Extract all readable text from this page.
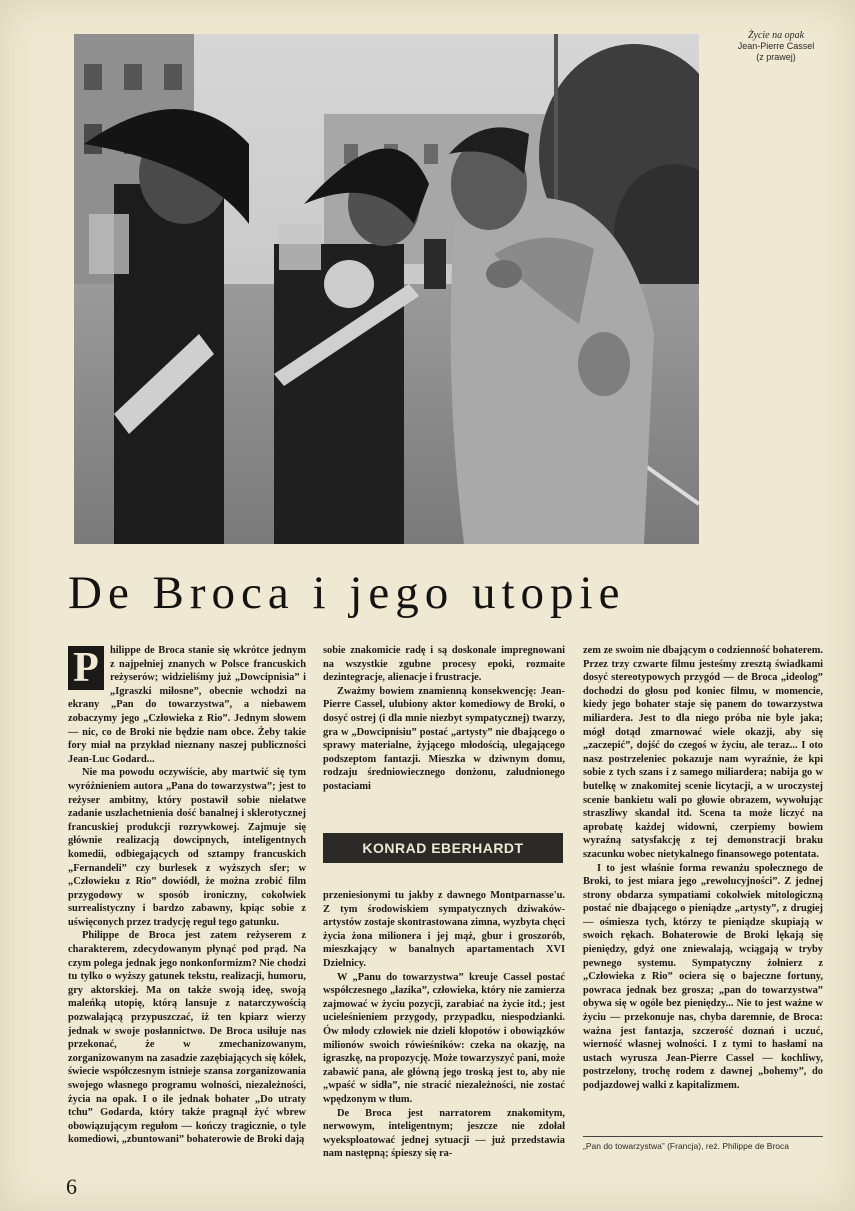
Życie na opak
Jean-Pierre Cassel
(z prawej)
De Broca i jego utopie

P	hilippe de Broca stanie się wkrótce jednym z najpełniej znanych w Polsce francuskich reżyserów; widzieliśmy już „Dowcipnisia” i „Igraszki miłosne”, obecnie wchodzi na ekrany „Pan do towarzystwa”, a niebawem zobaczymy jego „Człowieka z Rio”. Jednym słowem — nic, co de Broki nie będzie nam obce. Żeby takie fory miał na przykład nieznany naszej publiczności Jean-Luc Godard...

Nie ma powodu oczywiście, aby martwić się tym wyróżnieniem autora „Pana do towarzystwa”; jest to reżyser ambitny, który postawił sobie niełatwe zadanie uszlachetnienia dość banalnej i sklerotycznej francuskiej produkcji rozrywkowej. Zajmuje się głównie realizacją dowcipnych, inteligentnych komedii, odbiegających od sztampy francuskich „Fernandeli” czy burlesek z wyższych sfer; w „Człowieku z Rio” dowiódł, że można zrobić film przygodowy w sposób ironiczny, cokolwiek surrealistyczny i bardzo zabawny, kpiąc sobie z uświęconych przez tradycję reguł tego gatunku.

Philippe de Broca jest zatem reżyserem z charakterem, zdecydowanym płynąć pod prąd. Na czym polega jednak jego nonkonformizm? Nie chodzi tu tylko o wyższy gatunek tekstu, realizacji, humoru, gry aktorskiej. Ma on także swoją ideę, swoją maleńką utopię, którą lansuje z natarczywością pozwalającą przypuszczać, iż ten kpiarz wierzy jednak w swoje posłannictwo. De Broca usiłuje nas przekonać, że w zmechanizowanym, zorganizowanym na zasadzie zazębiających się kółek, świecie współczesnym istnieje szansa zorganizowania swojego własnego programu wolności, niezależności, życia na opak. I o ile jednak bohater „Do utraty tchu” Godarda, który także pragnął żyć wbrew obowiązującym regułom — kończy tragicznie, o tyle komediowi, „zbuntowani” bohaterowie de Broki dają

sobie znakomicie radę i są doskonale impregnowani na wszystkie zgubne procesy epoki, rozmaite dezintegracje, alienacje i frustracje.

Zważmy bowiem znamienną konsekwencję: Jean-Pierre Cassel, ulubiony aktor komediowy de Broki, o dosyć ostrej (i dla mnie niezbyt sympatycznej) twarzy, gra w „Dowcipnisiu” postać „artysty” nie dbającego o sprawy materialne, żyjącego młodością, ulegającego podszeptom fantazji. Mieszka w dziwnym domu, rodzaju średniowiecznego donżonu, zaludnionego postaciami

KONRAD EBERHARDT

przeniesionymi tu jakby z dawnego Montparnasse'u. Z tym środowiskiem sympatycznych dziwaków-artystów zostaje skontrastowana zimna, wyzbyta chęci życia żona milionera i jej mąż, gbur i groszorób, mieszkający w banalnych apartamentach XVI Dzielnicy.

W „Panu do towarzystwa” kreuje Cassel postać współczesnego „łazika”, człowieka, który nie zamierza zajmować w życiu pozycji, zarabiać na życie itd.; jest ucieleśnieniem przygody, przypadku, niespodzianki. Ów młody człowiek nie dzieli kłopotów i obowiązków milionów swoich rówieśników: czeka na okazję, na igraszkę, na propozycję. Może towarzyszyć pani, może zabawić pana, ale główną jego troską jest to, aby nie „wpaść w sidła”, nie stracić niezależności, nie zostać wpędzonym w tłum.

De Broca jest narratorem znakomitym, nerwowym, inteligentnym; jeszcze nie zdołał wyeksploatować jednej sytuacji — już przedstawia nam następną; śpieszy się ra-

zem ze swoim nie dbającym o codzienność bohaterem. Przez trzy czwarte filmu jesteśmy zresztą świadkami dosyć stereotypowych przygód — de Broca „ideolog” dochodzi do głosu pod koniec filmu, w momencie, kiedy jego bohater staje się panem do towarzystwa miliardera. Jest to dla niego próba nie byle jaka; mógł dotąd zmarnować wiele okazji, aby się „zaczepić”, dojść do czegoś w życiu, ale teraz... I oto nasz postrzeleniec pokazuje nam wyraźnie, że kpi sobie z tych szans i z samego miliardera; nabija go w butelkę w znakomitej scenie licytacji, a w uroczystej scenie bankietu wali po głowie obrazem, wywołując straszliwy skandal itd. Scena ta może liczyć na aprobatę każdej widowni, czerpiemy bowiem wyraźną satysfakcję z tej demonstracji braku szacunku wobec nietykalnego finansowego potentata.

I to jest właśnie forma rewanżu społecznego de Broki, to jest miara jego „rewolucyjności”. Z jednej strony obdarza sympatiami cokolwiek mitologiczną postać nie dbającego o pieniądze „artysty”, z drugiej — ośmiesza tych, którzy te pieniądze skupiają w swoich rękach. Bohaterowie de Broki lękają się pieniędzy, gdyż one zniewalają, wciągają w tryby pewnego systemu. Sympatyczny żołnierz z „Człowieka z Rio” ociera się o bajeczne fortuny, powraca jednak bez grosza; „pan do towarzystwa” obywa się w ogóle bez pieniędzy... Nie to jest ważne w życiu — przekonuje nas, chyba daremnie, de Broca: ważna jest fantazja, szczerość doznań i uczuć, wierność własnej wolności. I z tymi to hasłami na ustach wyrusza Jean-Pierre Cassel — kochliwy, postrzelony, trochę rodem z dawnej „bohemy”, do podjazdowej walki z kapitalizmem.

„Pan do towarzystwa” (Francja), reż. Philippe de Broca
6
